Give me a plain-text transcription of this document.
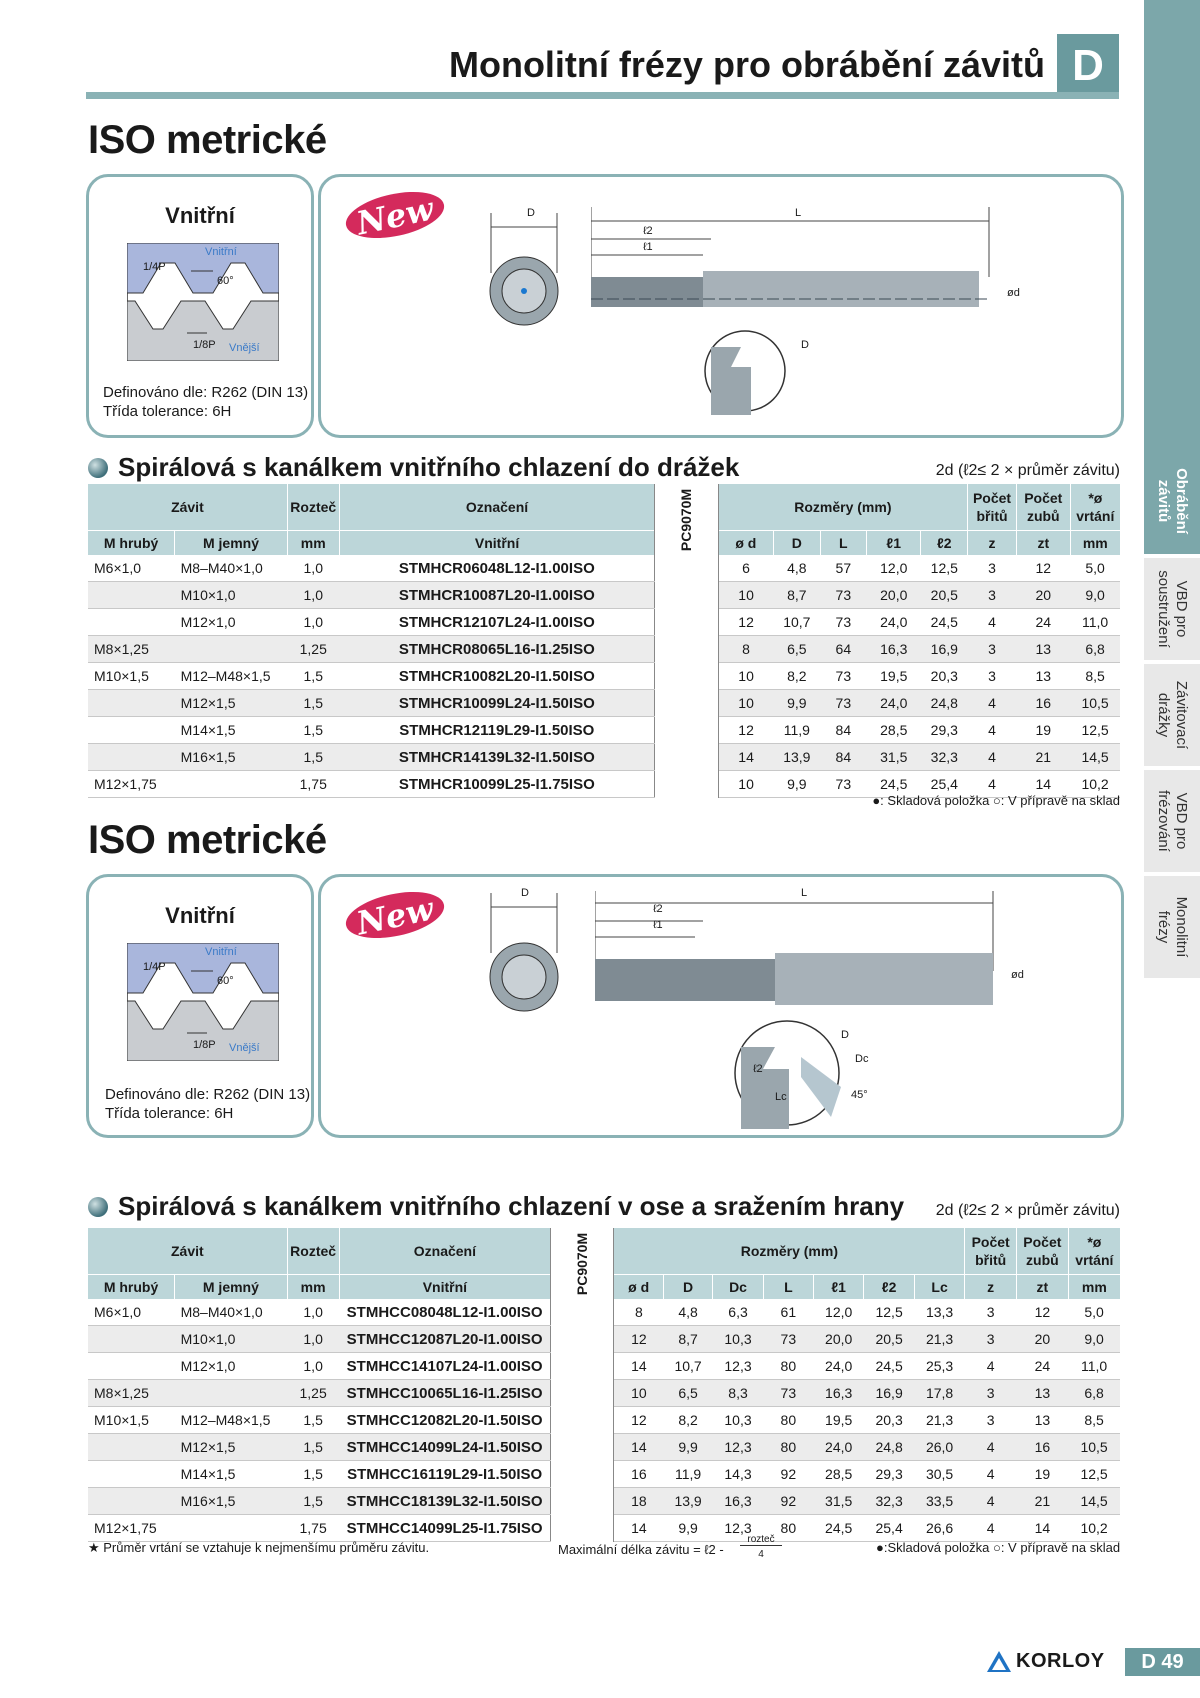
Monolitní frézy pro obrábění závitů D
Obrábění
závitů
VBD pro
soustružení
Závitovací
drážky
VBD pro
frézování
Monolitní
frézy
ISO metrické
Vnitřní
1/4P
Vnitřní
60°
1/8P Vnější
Definováno dle: R262 (DIN 13)
Třída tolerance: 6H
New	D	L
ℓ2
ℓ1
ød
D
Spirálová s kanálkem vnitřního chlazení do drážek	2d (ℓ2≤ 2 × průměr závitu)
Závit		Rozteč	Označení	PC9070M	Rozměry (mm)					Počet břitů	Počet zubů	*ø vrtání
M hrubý	M jemný	mm	Vnitřní		ø d	D	L	ℓ1	ℓ2	z	zt	mm
M6×1,0	M8–M40×1,0	1,0	STMHCR06048L12-I1.00ISO		6	4,8	57	12,0	12,5	3	12	5,0
	M10×1,0	1,0	STMHCR10087L20-I1.00ISO		10	8,7	73	20,0	20,5	3	20	9,0
	M12×1,0	1,0	STMHCR12107L24-I1.00ISO		12	10,7	73	24,0	24,5	4	24	11,0
M8×1,25		1,25	STMHCR08065L16-I1.25ISO		8	6,5	64	16,3	16,9	3	13	6,8
M10×1,5	M12–M48×1,5	1,5	STMHCR10082L20-I1.50ISO		10	8,2	73	19,5	20,3	3	13	8,5
	M12×1,5	1,5	STMHCR10099L24-I1.50ISO		10	9,9	73	24,0	24,8	4	16	10,5
	M14×1,5	1,5	STMHCR12119L29-I1.50ISO		12	11,9	84	28,5	29,3	4	19	12,5
	M16×1,5	1,5	STMHCR14139L32-I1.50ISO		14	13,9	84	31,5	32,3	4	21	14,5
M12×1,75		1,75	STMHCR10099L25-I1.75ISO		10	9,9	73	24,5	25,4	4	14	10,2
●: Skladová položka ○: V přípravě na sklad
ISO metrické
Vnitřní
1/4P
Vnitřní
60°
1/8P Vnější
Definováno dle: R262 (DIN 13)
Třída tolerance: 6H
New	D	L
ℓ2
ℓ1
ød
D
Dc
ℓ2
Lc	45°
Spirálová s kanálkem vnitřního chlazení v ose a sražením hrany	2d (ℓ2≤ 2 × průměr závitu)
Závit		Rozteč	Označení	PC9070M	Rozměry (mm)							Počet břitů	Počet zubů	*ø vrtání
M hrubý	M jemný	mm	Vnitřní		ø d	D	Dc	L	ℓ1	ℓ2	Lc	z	zt	mm
M6×1,0	M8–M40×1,0	1,0	STMHCC08048L12-I1.00ISO		8	4,8	6,3	61	12,0	12,5	13,3	3	12	5,0
	M10×1,0	1,0	STMHCC12087L20-I1.00ISO		12	8,7	10,3	73	20,0	20,5	21,3	3	20	9,0
	M12×1,0	1,0	STMHCC14107L24-I1.00ISO		14	10,7	12,3	80	24,0	24,5	25,3	4	24	11,0
M8×1,25		1,25	STMHCC10065L16-I1.25ISO		10	6,5	8,3	73	16,3	16,9	17,8	3	13	6,8
M10×1,5	M12–M48×1,5	1,5	STMHCC12082L20-I1.50ISO		12	8,2	10,3	80	19,5	20,3	21,3	3	13	8,5
	M12×1,5	1,5	STMHCC14099L24-I1.50ISO		14	9,9	12,3	80	24,0	24,8	26,0	4	16	10,5
	M14×1,5	1,5	STMHCC16119L29-I1.50ISO		16	11,9	14,3	92	28,5	29,3	30,5	4	19	12,5
	M16×1,5	1,5	STMHCC18139L32-I1.50ISO		18	13,9	16,3	92	31,5	32,3	33,5	4	21	14,5
M12×1,75		1,75	STMHCC14099L25-I1.75ISO		14	9,9	12,3	80	24,5	25,4	26,6	4	14	10,2
★ Průměr vrtání se vztahuje k nejmenšímu průměru závitu.	Maximální délka závitu = ℓ2 -
rozteč
4	●:Skladová položka ○: V přípravě na sklad
KORLOY	D 49
